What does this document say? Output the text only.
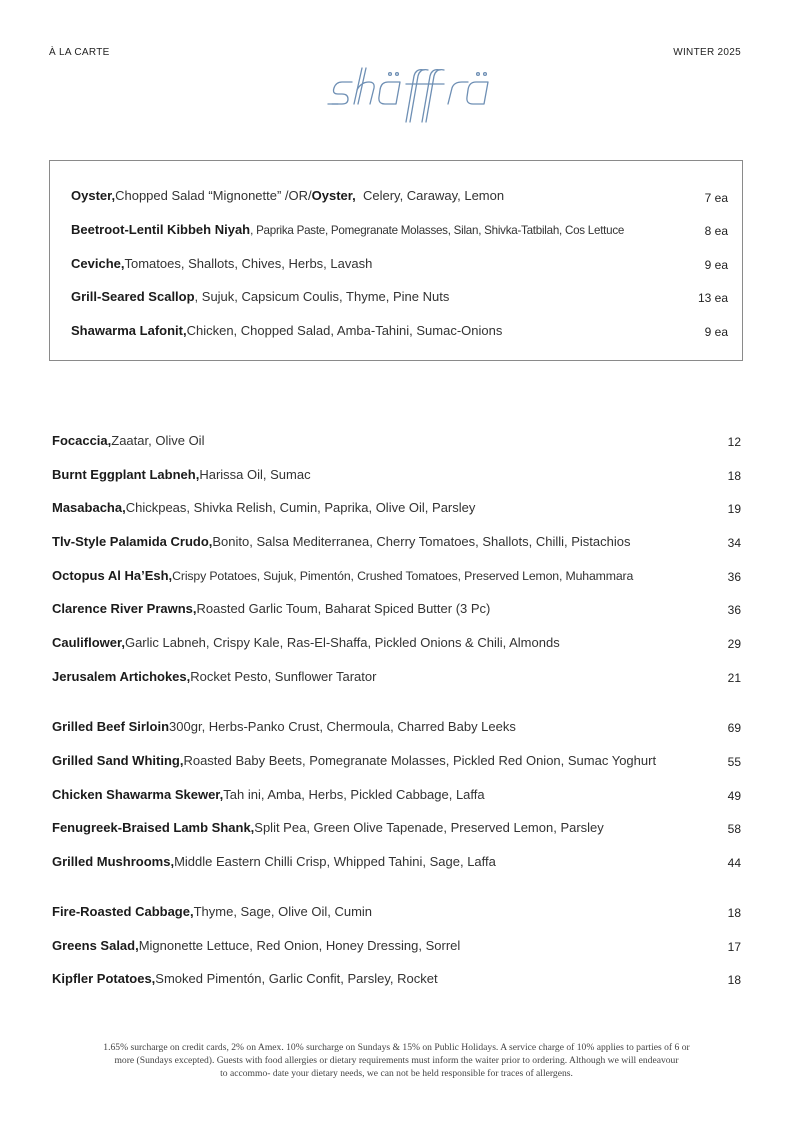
À LA CARTE	WINTER 2025
Oyster, Chopped Salad “Mignonette” /OR/ Oyster, Celery, Caraway, Lemon	7 ea
Beetroot-Lentil Kibbeh Niyah , Paprika Paste, Pomegranate Molasses, Silan, Shivka-Tatbilah, Cos Lettuce	8 ea
Ceviche, Tomatoes, Shallots, Chives, Herbs, Lavash	9 ea
Grill-Seared Scallop , Sujuk, Capsicum Coulis, Thyme, Pine Nuts	13 ea
Shawarma Lafonit, Chicken, Chopped Salad, Amba-Tahini, Sumac-Onions	9 ea
Focaccia, Zaatar, Olive Oil	12
Burnt Eggplant Labneh, Harissa Oil, Sumac	18
Masabacha, Chickpeas, Shivka Relish, Cumin, Paprika, Olive Oil, Parsley	19
Tlv-Style Palamida Crudo, Bonito, Salsa Mediterranea, Cherry Tomatoes, Shallots, Chilli, Pistachios	34
Octopus Al Ha’Esh, Crispy Potatoes, Sujuk, Pimentón, Crushed Tomatoes, Preserved Lemon, Muhammara	36
Clarence River Prawns, Roasted Garlic Toum, Baharat Spiced Butter (3 Pc)	36
Cauliflower, Garlic Labneh, Crispy Kale, Ras-El-Shaffa, Pickled Onions & Chili, Almonds	29
Jerusalem Artichokes, Rocket Pesto, Sunflower Tarator	21
Grilled Beef Sirloin 300gr, Herbs-Panko Crust, Chermoula, Charred Baby Leeks	69
Grilled Sand Whiting, Roasted Baby Beets, Pomegranate Molasses, Pickled Red Onion, Sumac Yoghurt	55
Chicken Shawarma Skewer, Tah ini, Amba, Herbs, Pickled Cabbage, Laffa	49
Fenugreek-Braised Lamb Shank, Split Pea, Green Olive Tapenade, Preserved Lemon, Parsley	58
Grilled Mushrooms, Middle Eastern Chilli Crisp, Whipped Tahini, Sage, Laffa	44
Fire-Roasted Cabbage, Thyme, Sage, Olive Oil, Cumin	18
Greens Salad, Mignonette Lettuce, Red Onion, Honey Dressing, Sorrel	17
Kipfler Potatoes, Smoked Pimentón, Garlic Confit, Parsley, Rocket	18
1.65% surcharge on credit cards, 2% on Amex. 10% surcharge on Sundays & 15% on Public Holidays. A service charge of 10% applies to parties of 6 or
more (Sundays excepted). Guests with food allergies or dietary requirements must inform the waiter prior to ordering. Although we will endeavour
to accommo- date your dietary needs, we can not be held responsible for traces of allergens.
